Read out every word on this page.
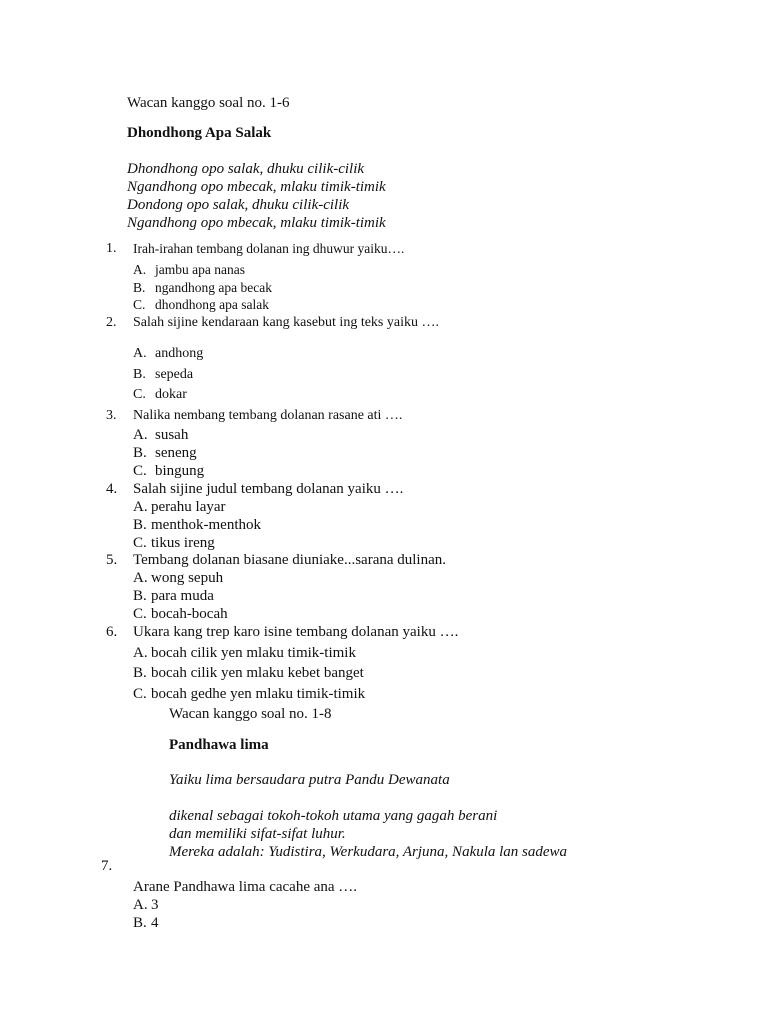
Wacan kanggo soal no. 1-6
Dhondhong Apa Salak
Dhondhong opo salak, dhuku cilik-cilik
Ngandhong opo mbecak, mlaku timik-timik
Dondong opo salak, dhuku cilik-cilik
Ngandhong opo mbecak, mlaku timik-timik
1. Irah-irahan tembang dolanan ing dhuwur yaiku….
A. jambu apa nanas
B. ngandhong apa becak
C. dhondhong apa salak
2. Salah sijine kendaraan kang kasebut ing teks yaiku ….
A. andhong
B. sepeda
C. dokar
3. Nalika nembang tembang dolanan rasane ati ….
A. susah
B. seneng
C. bingung
4. Salah sijine judul tembang dolanan yaiku ….
A. perahu layar
B. menthok-menthok
C. tikus ireng
5. Tembang dolanan biasane diuniake...sarana dulinan.
A. wong sepuh
B. para muda
C. bocah-bocah
6. Ukara kang trep karo isine tembang dolanan yaiku ….
A. bocah cilik yen mlaku timik-timik
B. bocah cilik yen mlaku kebet banget
C. bocah gedhe yen mlaku timik-timik
Wacan kanggo soal no. 1-8
Pandhawa lima
Yaiku lima bersaudara putra Pandu Dewanata
dikenal sebagai tokoh-tokoh utama yang gagah berani
dan memiliki sifat-sifat luhur.
Mereka adalah: Yudistira, Werkudara, Arjuna, Nakula lan sadewa
7.
Arane Pandhawa lima cacahe ana ….
A. 3
B. 4
